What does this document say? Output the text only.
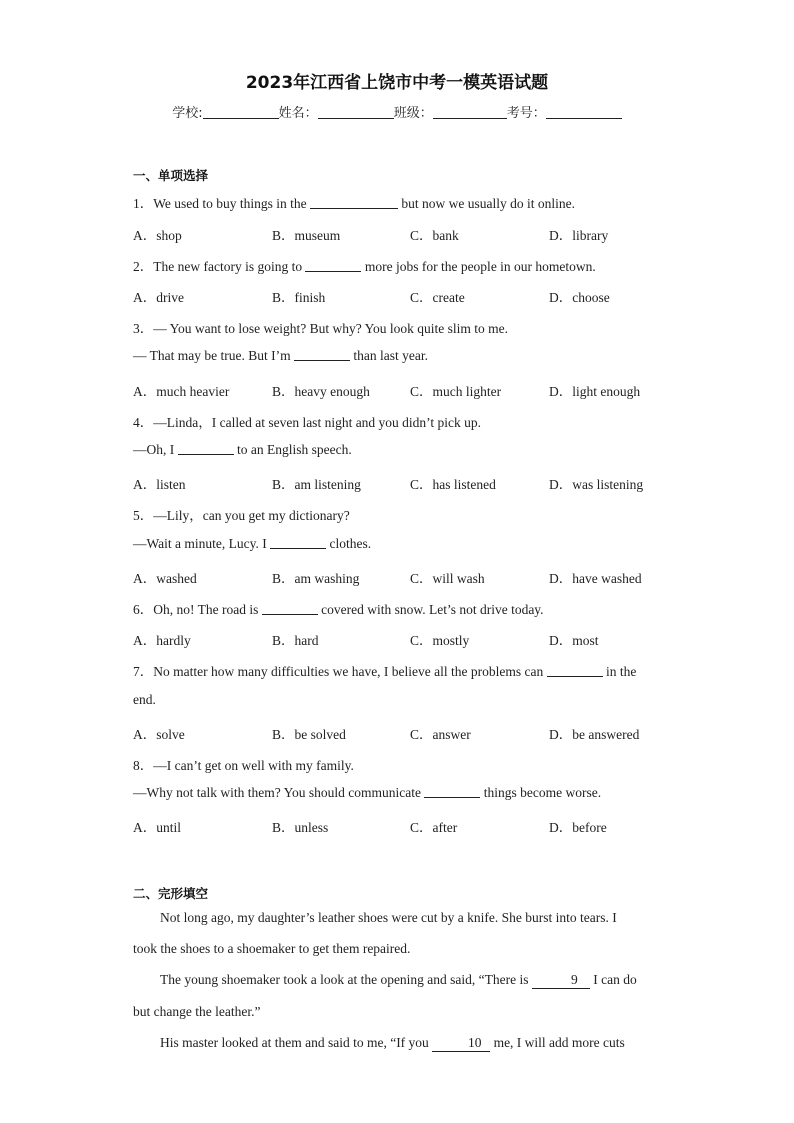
2023年江西省上饶市中考一模英语试题
学校:	姓名：	班级：	考号：
一、单项选择
1．We used to buy things in the	but now we usually do it online.
A．shop	B．museum	C．bank	D．library
2．The new factory is going to	more jobs for the people in our hometown.
A．drive	B．finish	C．create	D．choose
3．— You want to lose weight? But why? You look quite slim to me.
— That may be true. But I’m	than last year.
A．much heavier	B．heavy enough	C．much lighter	D．light enough
4．—Linda，I called at seven last night and you didn’t pick up.
—Oh, I	to an English speech.
A．listen	B．am listening	C．has listened	D．was listening
5．—Lily，can you get my dictionary?
—Wait a minute, Lucy. I	clothes.
A．washed	B．am washing	C．will wash	D．have washed
6．Oh, no! The road is	covered with snow. Let’s not drive today.
A．hardly	B．hard	C．mostly	D．most
7．No matter how many difficulties we have, I believe all the problems can	in the
end.
A．solve	B．be solved	C．answer	D．be answered
8．—I can’t get on well with my family.
—Why not talk with them? You should communicate	things become worse.
A．until	B．unless	C．after	D．before
二、完形填空
Not long ago, my daughter’s leather shoes were cut by a knife. She burst into tears. I
took the shoes to a shoemaker to get them repaired.
The young shoemaker took a look at the opening and said, “There is	9 I can do
but change the leather.”
His master looked at them and said to me, “If you	10 me, I will add more cuts
